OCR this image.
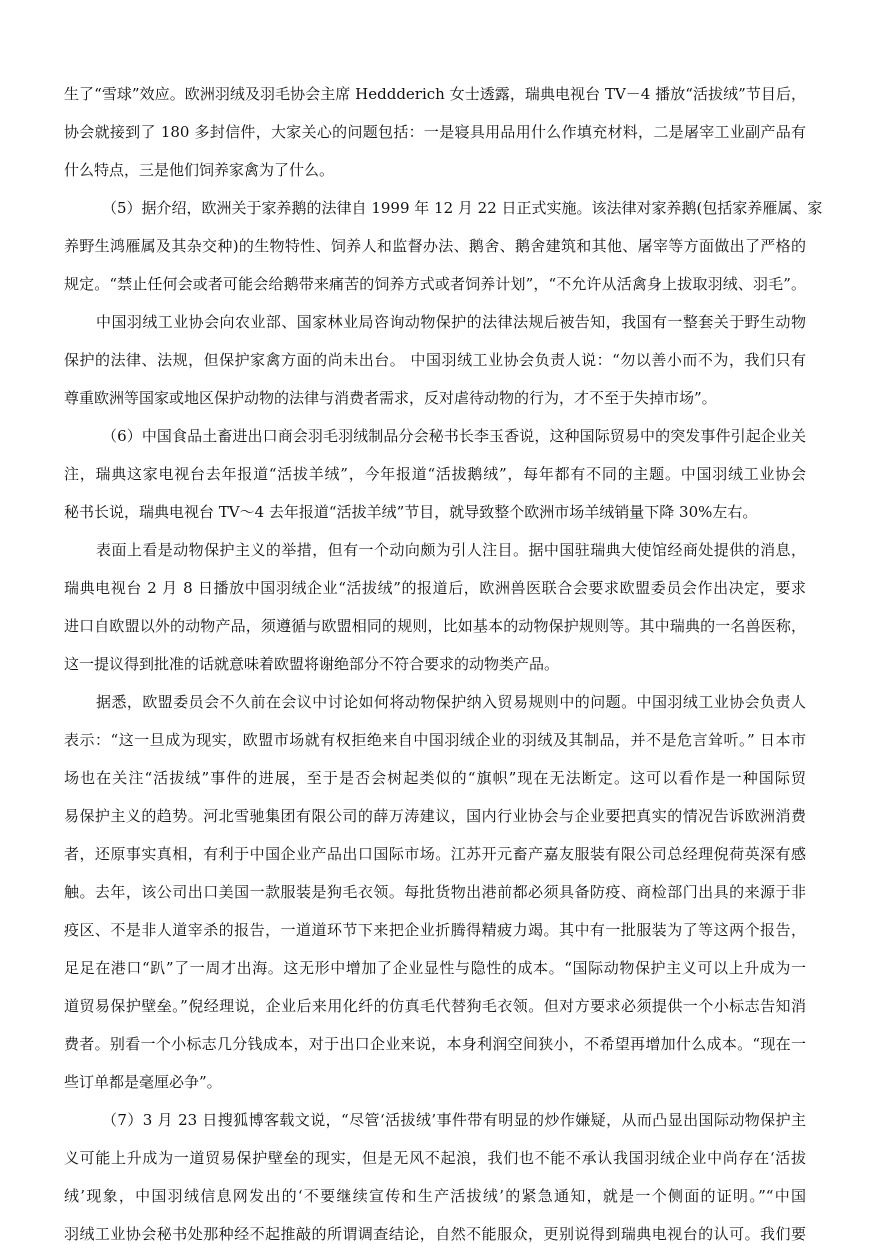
生了“雪球”效应。欧洲羽绒及羽毛协会主席 Heddderich 女士透露，瑞典电视台 TV－4 播放“活拔绒”节目后，
协会就接到了 180 多封信件，大家关心的问题包括：一是寝具用品用什么作填充材料，二是屠宰工业副产品有
什么特点，三是他们饲养家禽为了什么。
（5）据介绍，欧洲关于家养鹅的法律自 1999 年 12 月 22 日正式实施。该法律对家养鹅(包括家养雁属、家
养野生鸿雁属及其杂交种)的生物特性、饲养人和监督办法、鹅舍、鹅舍建筑和其他、屠宰等方面做出了严格的
规定。“禁止任何会或者可能会给鹅带来痛苦的饲养方式或者饲养计划”，“不允许从活禽身上拔取羽绒、羽毛”。
中国羽绒工业协会向农业部、国家林业局咨询动物保护的法律法规后被告知，我国有一整套关于野生动物
保护的法律、法规，但保护家禽方面的尚未出台。 中国羽绒工业协会负责人说：“勿以善小而不为，我们只有
尊重欧洲等国家或地区保护动物的法律与消费者需求，反对虐待动物的行为，才不至于失掉市场”。
（6）中国食品土畜进出口商会羽毛羽绒制品分会秘书长李玉香说，这种国际贸易中的突发事件引起企业关
注，瑞典这家电视台去年报道“活拔羊绒”，今年报道“活拔鹅绒”，每年都有不同的主题。中国羽绒工业协会
秘书长说，瑞典电视台 TV～4 去年报道“活拔羊绒”节目，就导致整个欧洲市场羊绒销量下降 30%左右。
表面上看是动物保护主义的举措，但有一个动向颇为引人注目。据中国驻瑞典大使馆经商处提供的消息，
瑞典电视台 2 月 8 日播放中国羽绒企业“活拔绒”的报道后，欧洲兽医联合会要求欧盟委员会作出决定，要求
进口自欧盟以外的动物产品，须遵循与欧盟相同的规则，比如基本的动物保护规则等。其中瑞典的一名兽医称，
这一提议得到批准的话就意味着欧盟将谢绝部分不符合要求的动物类产品。
据悉，欧盟委员会不久前在会议中讨论如何将动物保护纳入贸易规则中的问题。中国羽绒工业协会负责人
表示：“这一旦成为现实，欧盟市场就有权拒绝来自中国羽绒企业的羽绒及其制品，并不是危言耸听。” 日本市
场也在关注“活拔绒”事件的进展，至于是否会树起类似的“旗帜”现在无法断定。这可以看作是一种国际贸
易保护主义的趋势。河北雪驰集团有限公司的薛万涛建议，国内行业协会与企业要把真实的情况告诉欧洲消费
者，还原事实真相，有利于中国企业产品出口国际市场。江苏开元畜产嘉友服装有限公司总经理倪荷英深有感
触。去年，该公司出口美国一款服装是狗毛衣领。每批货物出港前都必须具备防疫、商检部门出具的来源于非
疫区、不是非人道宰杀的报告，一道道环节下来把企业折腾得精疲力竭。其中有一批服装为了等这两个报告，
足足在港口“趴”了一周才出海。这无形中增加了企业显性与隐性的成本。“国际动物保护主义可以上升成为一
道贸易保护壁垒。”倪经理说，企业后来用化纤的仿真毛代替狗毛衣领。但对方要求必须提供一个小标志告知消
费者。别看一个小标志几分钱成本，对于出口企业来说，本身利润空间狭小，不希望再增加什么成本。“现在一
些订单都是毫厘必争”。
（7）3 月 23 日搜狐博客载文说，“尽管‘活拔绒’事件带有明显的炒作嫌疑，从而凸显出国际动物保护主
义可能上升成为一道贸易保护壁垒的现实，但是无风不起浪，我们也不能不承认我国羽绒企业中尚存在‘活拔
绒’现象，中国羽绒信息网发出的‘不要继续宣传和生产活拔绒’的紧急通知，就是一个侧面的证明。”“中国
羽绒工业协会秘书处那种经不起推敲的所谓调查结论，自然不能服众，更别说得到瑞典电视台的认可。我们要
